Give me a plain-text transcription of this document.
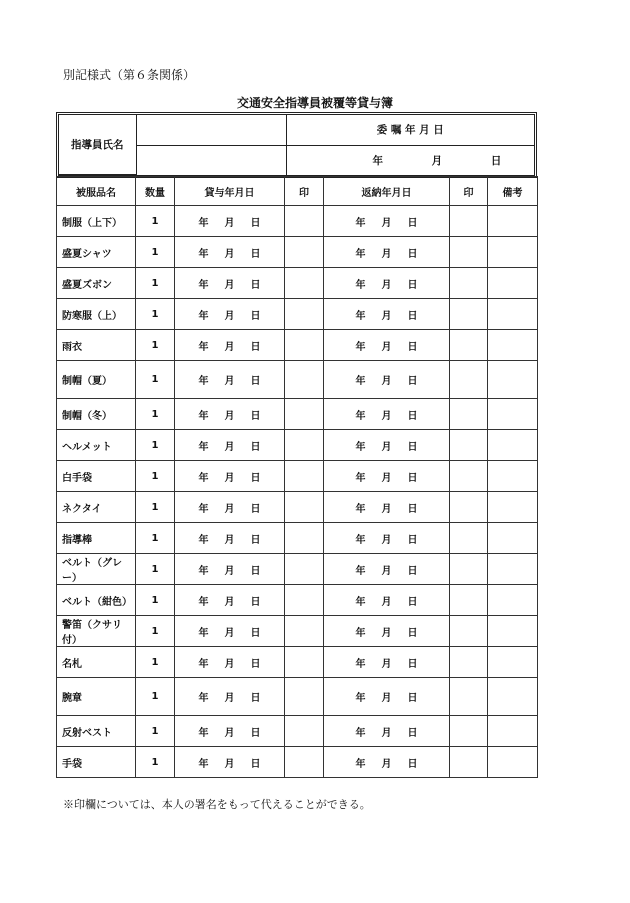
別記様式（第６条関係）
交通安全指導員被覆等貸与簿
指導員氏名		委 嘱 年 月 日
		年 月 日
被服品名	数量	貸与年月日	印	返納年月日	印	備考
制服（上下）	1	年 月 日		年 月 日		
盛夏シャツ	1	年 月 日		年 月 日		
盛夏ズボン	1	年 月 日		年 月 日		
防寒服（上）	1	年 月 日		年 月 日		
雨衣	1	年 月 日		年 月 日		
制帽（夏）	1	年 月 日		年 月 日		
制帽（冬）	1	年 月 日		年 月 日		
ヘルメット	1	年 月 日		年 月 日		
白手袋	1	年 月 日		年 月 日		
ネクタイ	1	年 月 日		年 月 日		
指導棒	1	年 月 日		年 月 日		
ベルト（グレー）	1	年 月 日		年 月 日		
ベルト（紺色）	1	年 月 日		年 月 日		
警笛（クサリ付）	1	年 月 日		年 月 日		
名札	1	年 月 日		年 月 日		
腕章	1	年 月 日		年 月 日		
反射ベスト	1	年 月 日		年 月 日		
手袋	1	年 月 日		年 月 日		
※印欄については、本人の署名をもって代えることができる。
